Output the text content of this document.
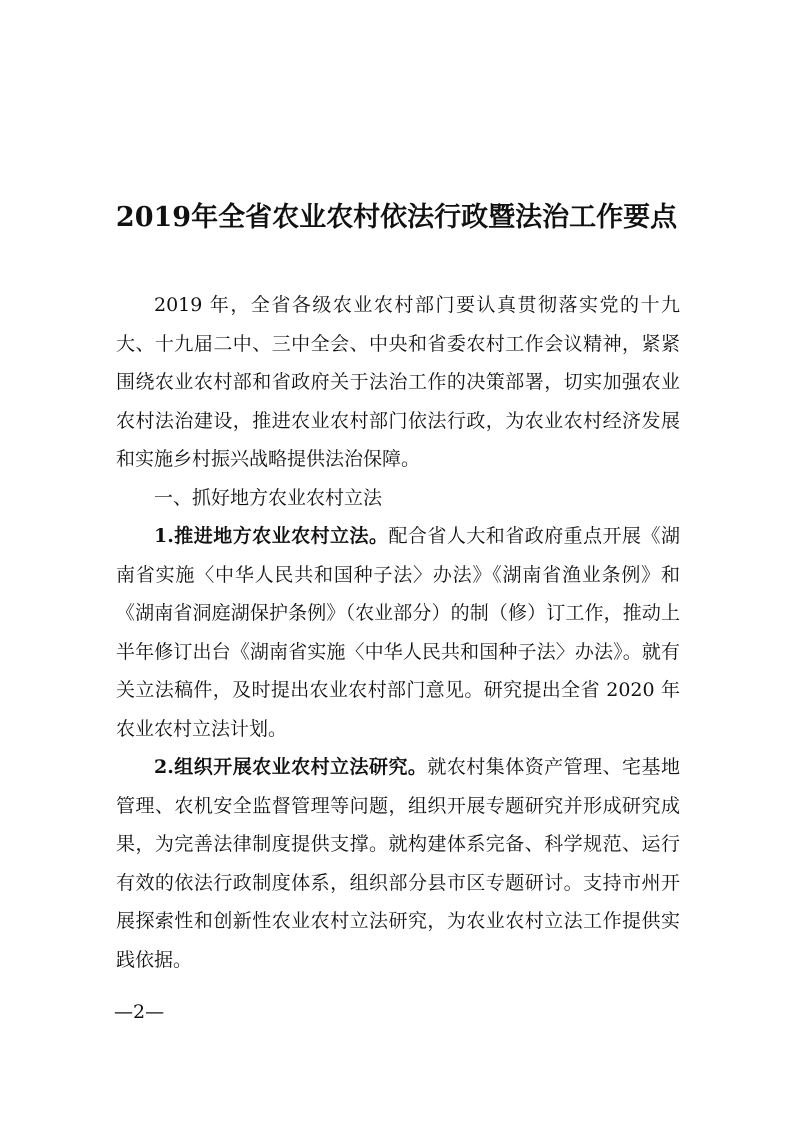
2019年全省农业农村依法行政暨法治工作要点

2019 年，全省各级农业农村部门要认真贯彻落实党的十九大、十九届二中、三中全会、中央和省委农村工作会议精神，紧紧围绕农业农村部和省政府关于法治工作的决策部署，切实加强农业农村法治建设，推进农业农村部门依法行政，为农业农村经济发展和实施乡村振兴战略提供法治保障。

一、抓好地方农业农村立法

1.推进地方农业农村立法。配合省人大和省政府重点开展《湖南省实施〈中华人民共和国种子法〉办法》《湖南省渔业条例》和《湖南省洞庭湖保护条例》（农业部分）的制（修）订工作，推动上半年修订出台《湖南省实施〈中华人民共和国种子法〉办法》。就有关立法稿件，及时提出农业农村部门意见。研究提出全省 2020 年农业农村立法计划。

2.组织开展农业农村立法研究。就农村集体资产管理、宅基地管理、农机安全监督管理等问题，组织开展专题研究并形成研究成果，为完善法律制度提供支撑。就构建体系完备、科学规范、运行有效的依法行政制度体系，组织部分县市区专题研讨。支持市州开展探索性和创新性农业农村立法研究，为农业农村立法工作提供实践依据。

—2—
